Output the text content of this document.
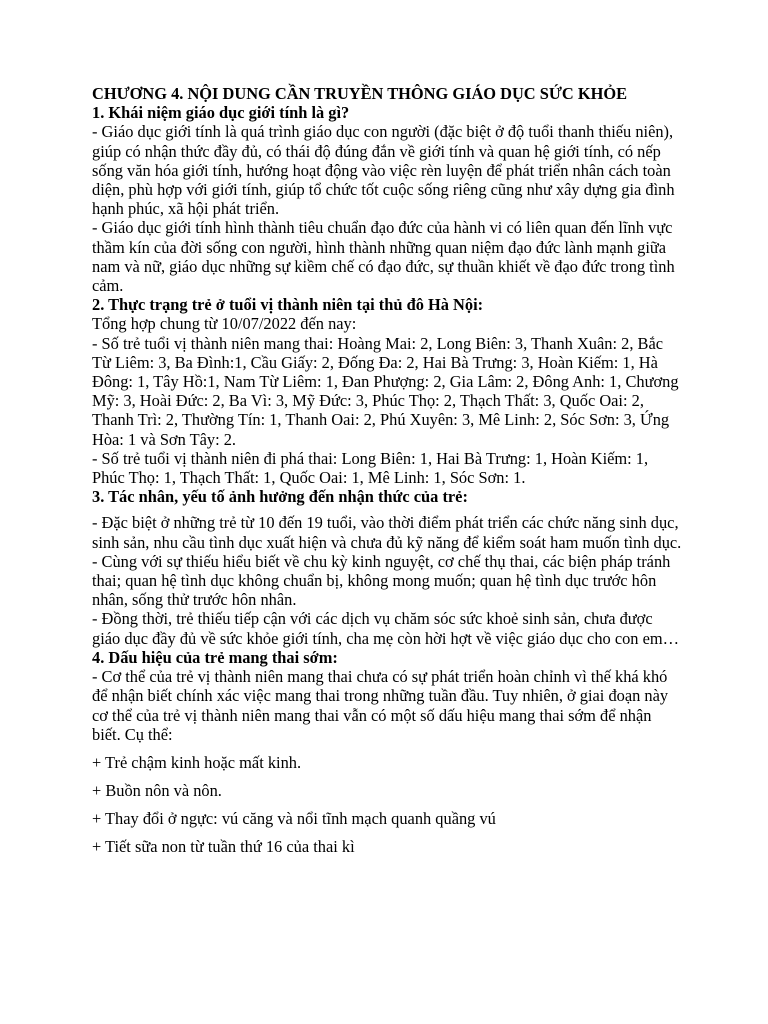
CHƯƠNG 4. NỘI DUNG CẦN TRUYỀN THÔNG GIÁO DỤC SỨC KHỎE

1. Khái niệm giáo dục giới tính là gì?

- Giáo dục giới tính là quá trình giáo dục con người (đặc biệt ở độ tuổi thanh thiếu niên), giúp có nhận thức đầy đủ, có thái độ đúng đắn về giới tính và quan hệ giới tính, có nếp sống văn hóa giới tính, hướng hoạt động vào việc rèn luyện để phát triển nhân cách toàn diện, phù hợp với giới tính, giúp tổ chức tốt cuộc sống riêng cũng như xây dựng gia đình hạnh phúc, xã hội phát triển.

- Giáo dục giới tính hình thành tiêu chuẩn đạo đức của hành vi có liên quan đến lĩnh vực thầm kín của đời sống con người, hình thành những quan niệm đạo đức lành mạnh giữa nam và nữ, giáo dục những sự kiềm chế có đạo đức, sự thuần khiết về đạo đức trong tình cảm.

2. Thực trạng trẻ ở tuổi vị thành niên tại thủ đô Hà Nội:

Tổng hợp chung từ 10/07/2022 đến nay:

- Số trẻ tuổi vị thành niên mang thai: Hoàng Mai: 2, Long Biên: 3, Thanh Xuân: 2, Bắc Từ Liêm: 3, Ba Đình:1, Cầu Giấy: 2, Đống Đa: 2, Hai Bà Trưng: 3, Hoàn Kiếm: 1, Hà Đông: 1, Tây Hồ:1, Nam Từ Liêm: 1, Đan Phượng: 2, Gia Lâm: 2, Đông Anh: 1, Chương Mỹ: 3, Hoài Đức: 2, Ba Vì: 3, Mỹ Đức: 3, Phúc Thọ: 2, Thạch Thất: 3, Quốc Oai: 2, Thanh Trì: 2, Thường Tín: 1, Thanh Oai: 2, Phú Xuyên: 3, Mê Linh: 2, Sóc Sơn: 3, Ứng Hòa: 1 và Sơn Tây: 2.

- Số trẻ tuổi vị thành niên đi phá thai: Long Biên: 1, Hai Bà Trưng: 1, Hoàn Kiếm: 1, Phúc Thọ: 1, Thạch Thất: 1, Quốc Oai: 1, Mê Linh: 1, Sóc Sơn: 1.

3. Tác nhân, yếu tố ảnh hưởng đến nhận thức của trẻ:

- Đặc biệt ở những trẻ từ 10 đến 19 tuổi, vào thời điểm phát triển các chức năng sinh dục, sinh sản, nhu cầu tình dục xuất hiện và chưa đủ kỹ năng để kiểm soát ham muốn tình dục.

- Cùng với sự thiếu hiểu biết về chu kỳ kinh nguyệt, cơ chế thụ thai, các biện pháp tránh thai; quan hệ tình dục không chuẩn bị, không mong muốn; quan hệ tình dục trước hôn nhân, sống thử trước hôn nhân.

- Đồng thời, trẻ thiếu tiếp cận với các dịch vụ chăm sóc sức khoẻ sinh sản, chưa được giáo dục đầy đủ về sức khỏe giới tính, cha mẹ còn hời hợt về việc giáo dục cho con em…

4. Dấu hiệu của trẻ mang thai sớm:

- Cơ thể của trẻ vị thành niên mang thai chưa có sự phát triển hoàn chỉnh vì thế khá khó để nhận biết chính xác việc mang thai trong những tuần đầu. Tuy nhiên, ở giai đoạn này cơ thể của trẻ vị thành niên mang thai vẫn có một số dấu hiệu mang thai sớm để nhận biết. Cụ thể:

+ Trẻ chậm kinh hoặc mất kinh.

+ Buồn nôn và nôn.

+ Thay đổi ở ngực: vú căng và nổi tĩnh mạch quanh quầng vú

+ Tiết sữa non từ tuần thứ 16 của thai kì
